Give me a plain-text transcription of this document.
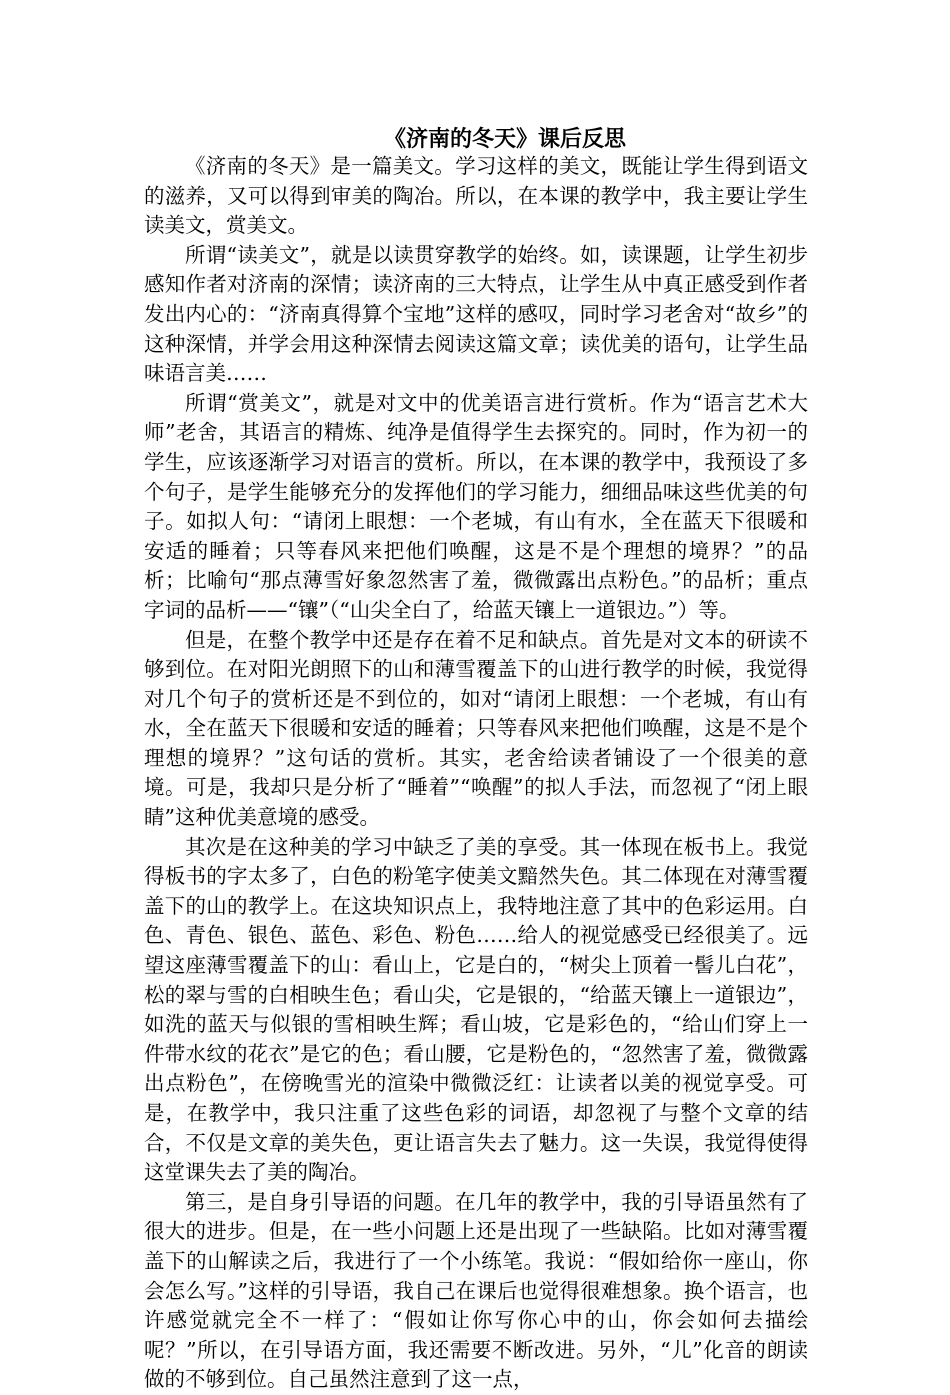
《济南的冬天》课后反思

《济南的冬天》是一篇美文。学习这样的美文，既能让学生得到语文的滋养，又可以得到审美的陶冶。所以，在本课的教学中，我主要让学生读美文，赏美文。

所谓“读美文”，就是以读贯穿教学的始终。如，读课题，让学生初步感知作者对济南的深情；读济南的三大特点，让学生从中真正感受到作者发出内心的：“济南真得算个宝地”这样的感叹，同时学习老舍对“故乡”的这种深情，并学会用这种深情去阅读这篇文章；读优美的语句，让学生品味语言美……

所谓“赏美文”，就是对文中的优美语言进行赏析。作为“语言艺术大师”老舍，其语言的精炼、纯净是值得学生去探究的。同时，作为初一的学生，应该逐渐学习对语言的赏析。所以，在本课的教学中，我预设了多个句子，是学生能够充分的发挥他们的学习能力，细细品味这些优美的句子。如拟人句：“请闭上眼想：一个老城，有山有水，全在蓝天下很暖和安适的睡着；只等春风来把他们唤醒，这是不是个理想的境界？”的品析；比喻句“那点薄雪好象忽然害了羞，微微露出点粉色。”的品析；重点字词的品析——“镶”（“山尖全白了，给蓝天镶上一道银边。”）等。

但是，在整个教学中还是存在着不足和缺点。首先是对文本的研读不够到位。在对阳光朗照下的山和薄雪覆盖下的山进行教学的时候，我觉得对几个句子的赏析还是不到位的，如对“请闭上眼想：一个老城，有山有水，全在蓝天下很暖和安适的睡着；只等春风来把他们唤醒，这是不是个理想的境界？”这句话的赏析。其实，老舍给读者铺设了一个很美的意境。可是，我却只是分析了“睡着”“唤醒”的拟人手法，而忽视了“闭上眼睛”这种优美意境的感受。

其次是在这种美的学习中缺乏了美的享受。其一体现在板书上。我觉得板书的字太多了，白色的粉笔字使美文黯然失色。其二体现在对薄雪覆盖下的山的教学上。在这块知识点上，我特地注意了其中的色彩运用。白色、青色、银色、蓝色、彩色、粉色……给人的视觉感受已经很美了。远望这座薄雪覆盖下的山：看山上，它是白的，“树尖上顶着一髻儿白花”，松的翠与雪的白相映生色；看山尖，它是银的，“给蓝天镶上一道银边”，如洗的蓝天与似银的雪相映生辉；看山坡，它是彩色的，“给山们穿上一件带水纹的花衣”是它的色；看山腰，它是粉色的，“忽然害了羞，微微露出点粉色”，在傍晚雪光的渲染中微微泛红：让读者以美的视觉享受。可是，在教学中，我只注重了这些色彩的词语，却忽视了与整个文章的结合，不仅是文章的美失色，更让语言失去了魅力。这一失误，我觉得使得这堂课失去了美的陶冶。

第三，是自身引导语的问题。在几年的教学中，我的引导语虽然有了很大的进步。但是，在一些小问题上还是出现了一些缺陷。比如对薄雪覆盖下的山解读之后，我进行了一个小练笔。我说：“假如给你一座山，你会怎么写。”这样的引导语，我自己在课后也觉得很难想象。换个语言，也许感觉就完全不一样了：“假如让你写你心中的山，你会如何去描绘呢？”所以，在引导语方面，我还需要不断改进。另外，“儿”化音的朗读做的不够到位。自己虽然注意到了这一点，
